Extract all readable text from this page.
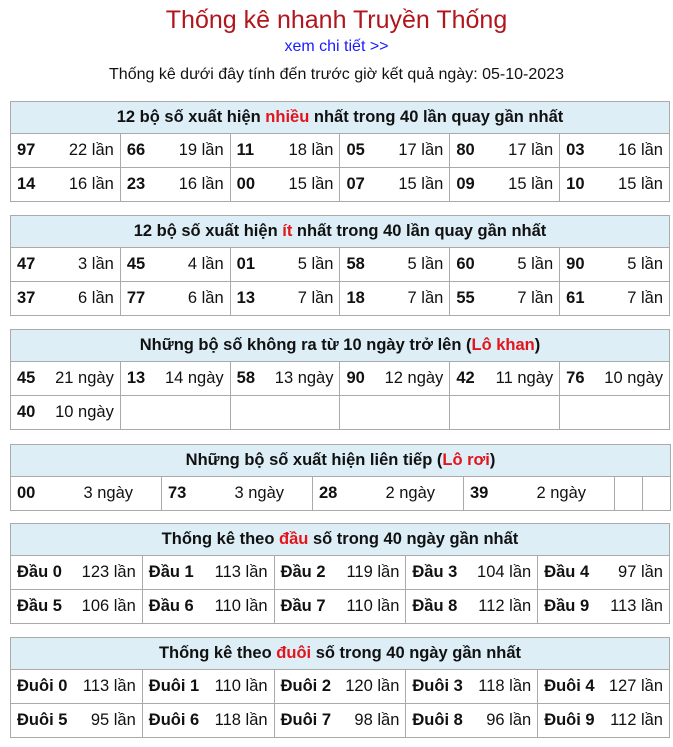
Thống kê nhanh Truyền Thống
xem chi tiết >>
Thống kê dưới đây tính đến trước giờ kết quả ngày: 05-10-2023
12 bộ số xuất hiện nhiều nhất trong 40 lần quay gần nhất					

97 22 lần	66 19 lần	11 18 lần	05 17 lần	80 17 lần	03 16 lần

14 16 lần	23 16 lần	00 15 lần	07 15 lần	09 15 lần	10 15 lần
12 bộ số xuất hiện ít nhất trong 40 lần quay gần nhất					

47 3 lần	45 4 lần	01 5 lần	58 5 lần	60 5 lần	90 5 lần

37 6 lần	77 6 lần	13 7 lần	18 7 lần	55 7 lần	61 7 lần
Những bộ số không ra từ 10 ngày trở lên (Lô khan)					

45 21 ngày	13 14 ngày	58 13 ngày	90 12 ngày	42 11 ngày	76 10 ngày

40 10 ngày					

Những bộ số xuất hiện liên tiếp (Lô rơi)

00	3 ngày	73	3 ngày	28	2 ngày	39	2 ngày

Thống kê theo đầu số trong 40 ngày gần nhất				

Đầu 0 123 lần	Đầu 1 113 lần	Đầu 2 119 lần	Đầu 3 104 lần	Đầu 4 97 lần

Đầu 5 106 lần	Đầu 6 110 lần	Đầu 7 110 lần	Đầu 8 112 lần	Đầu 9 113 lần
Thống kê theo đuôi số trong 40 ngày gần nhất				

Đuôi 0 113 lần	Đuôi 1 110 lần	Đuôi 2 120 lần	Đuôi 3 118 lần	Đuôi 4 127 lần

Đuôi 5 95 lần	Đuôi 6 118 lần	Đuôi 7 98 lần	Đuôi 8 96 lần	Đuôi 9 112 lần
